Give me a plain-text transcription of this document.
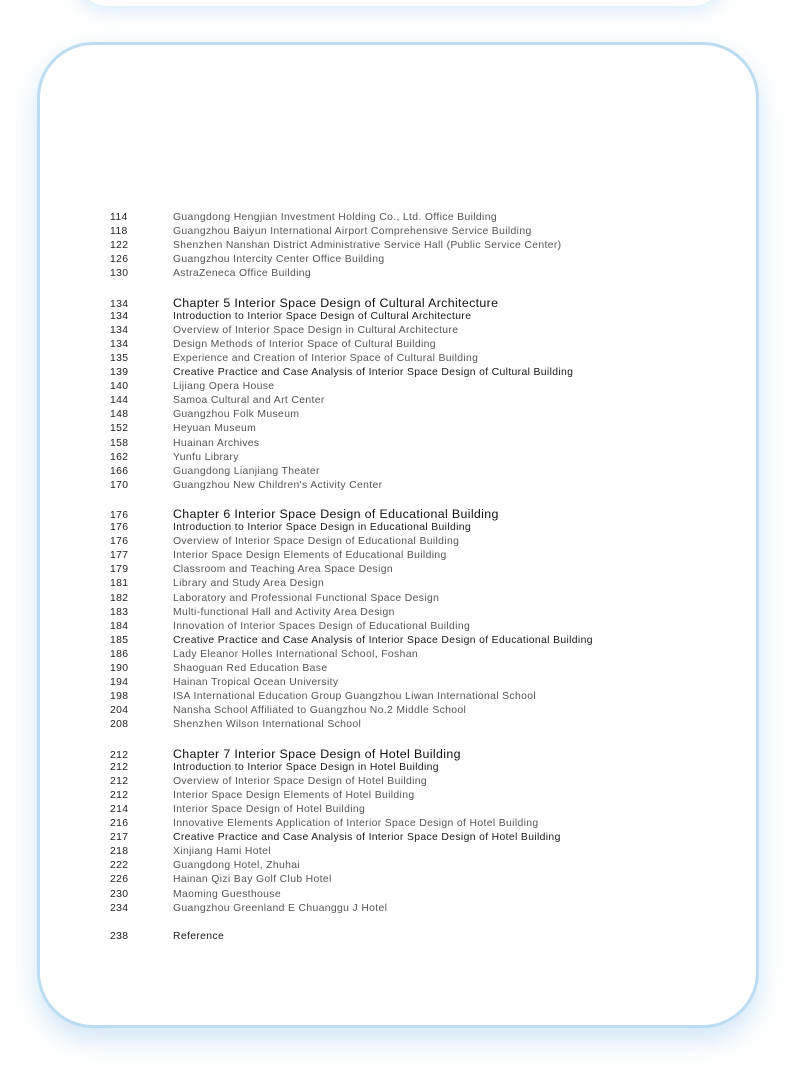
114	Guangdong Hengjian Investment Holding Co., Ltd. Office Building
118	Guangzhou Baiyun International Airport Comprehensive Service Building
122	Shenzhen Nanshan District Administrative Service Hall (Public Service Center)
126	Guangzhou Intercity Center Office Building
130	AstraZeneca Office Building
134	Chapter 5 Interior Space Design of Cultural Architecture
134	Introduction to Interior Space Design of Cultural Architecture
134	Overview of Interior Space Design in Cultural Architecture
134	Design Methods of Interior Space of Cultural Building
135	Experience and Creation of Interior Space of Cultural Building
139	Creative Practice and Case Analysis of Interior Space Design of Cultural Building
140	Lijiang Opera House
144	Samoa Cultural and Art Center
148	Guangzhou Folk Museum
152	Heyuan Museum
158	Huainan Archives
162	Yunfu Library
166	Guangdong Lianjiang Theater
170	Guangzhou New Children's Activity Center
176	Chapter 6 Interior Space Design of Educational Building
176	Introduction to Interior Space Design in Educational Building
176	Overview of Interior Space Design of Educational Building
177	Interior Space Design Elements of Educational Building
179	Classroom and Teaching Area Space Design
181	Library and Study Area Design
182	Laboratory and Professional Functional Space Design
183	Multi-functional Hall and Activity Area Design
184	Innovation of Interior Spaces Design of Educational Building
185	Creative Practice and Case Analysis of Interior Space Design of Educational Building
186	Lady Eleanor Holles International School, Foshan
190	Shaoguan Red Education Base
194	Hainan Tropical Ocean University
198	ISA International Education Group Guangzhou Liwan International School
204	Nansha School Affiliated to Guangzhou No.2 Middle School
208	Shenzhen Wilson International School
212	Chapter 7 Interior Space Design of Hotel Building
212	Introduction to Interior Space Design in Hotel Building
212	Overview of Interior Space Design of Hotel Building
212	Interior Space Design Elements of Hotel Building
214	Interior Space Design of Hotel Building
216	Innovative Elements Application of Interior Space Design of Hotel Building
217	Creative Practice and Case Analysis of Interior Space Design of Hotel Building
218	Xinjiang Hami Hotel
222	Guangdong Hotel, Zhuhai
226	Hainan Qizi Bay Golf Club Hotel
230	Maoming Guesthouse
234	Guangzhou Greenland E Chuanggu J Hotel
238	Reference
